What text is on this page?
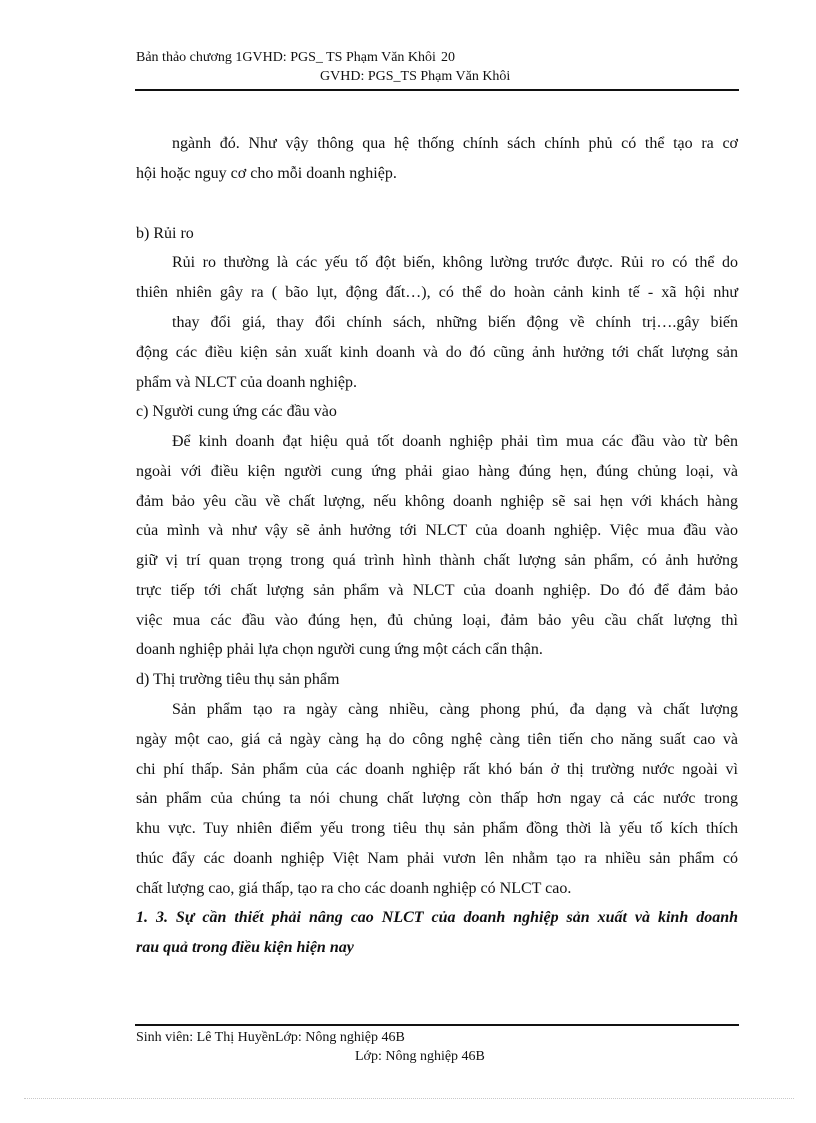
Bản thảo chương 1GVHD: PGS_ TS Phạm Văn Khôi 20
GVHD: PGS_TS Phạm Văn Khôi
ngành đó. Như vậy thông qua hệ thống chính sách chính phủ có thể tạo ra cơ
hội hoặc nguy cơ cho mỗi doanh nghiệp.
b) Rủi ro
Rủi ro thường là các yếu tố đột biến, không lường trước được. Rủi ro có thể do
thiên nhiên gây ra ( bão lụt, động đất…), có thể do hoàn cảnh kinh tế - xã hội như
thay đổi giá, thay đổi chính sách, những biến động về chính trị….gây biến
động các điều kiện sản xuất kinh doanh và do đó cũng ảnh hưởng tới chất lượng sản
phẩm và NLCT của doanh nghiệp.
c) Người cung ứng các đầu vào
Để kinh doanh đạt hiệu quả tốt doanh nghiệp phải tìm mua các đầu vào từ bên
ngoài với điều kiện người cung ứng phải giao hàng đúng hẹn, đúng chủng loại, và
đảm bảo yêu cầu về chất lượng, nếu không doanh nghiệp sẽ sai hẹn với khách hàng
của mình và như vậy sẽ ảnh hưởng tới NLCT của doanh nghiệp. Việc mua đầu vào
giữ vị trí quan trọng trong quá trình hình thành chất lượng sản phẩm, có ảnh hưởng
trực tiếp tới chất lượng sản phẩm và NLCT của doanh nghiệp. Do đó để đảm bảo
việc mua các đầu vào đúng hẹn, đủ chủng loại, đảm bảo yêu cầu chất lượng thì
doanh nghiệp phải lựa chọn người cung ứng một cách cẩn thận.
d) Thị trường tiêu thụ sản phẩm
Sản phẩm tạo ra ngày càng nhiều, càng phong phú, đa dạng và chất lượng
ngày một cao, giá cả ngày càng hạ do công nghệ càng tiên tiến cho năng suất cao và
chi phí thấp. Sản phẩm của các doanh nghiệp rất khó bán ở thị trường nước ngoài vì
sản phẩm của chúng ta nói chung chất lượng còn thấp hơn ngay cả các nước trong
khu vực. Tuy nhiên điểm yếu trong tiêu thụ sản phẩm đồng thời là yếu tố kích thích
thúc đẩy các doanh nghiệp Việt Nam phải vươn lên nhằm tạo ra nhiều sản phẩm có
chất lượng cao, giá thấp, tạo ra cho các doanh nghiệp có NLCT cao.
1. 3. Sự cần thiết phải nâng cao NLCT của doanh nghiệp sản xuất và kinh doanh
rau quả trong điều kiện hiện nay
Sinh viên: Lê Thị HuyềnLớp: Nông nghiệp 46B
Lớp: Nông nghiệp 46B
